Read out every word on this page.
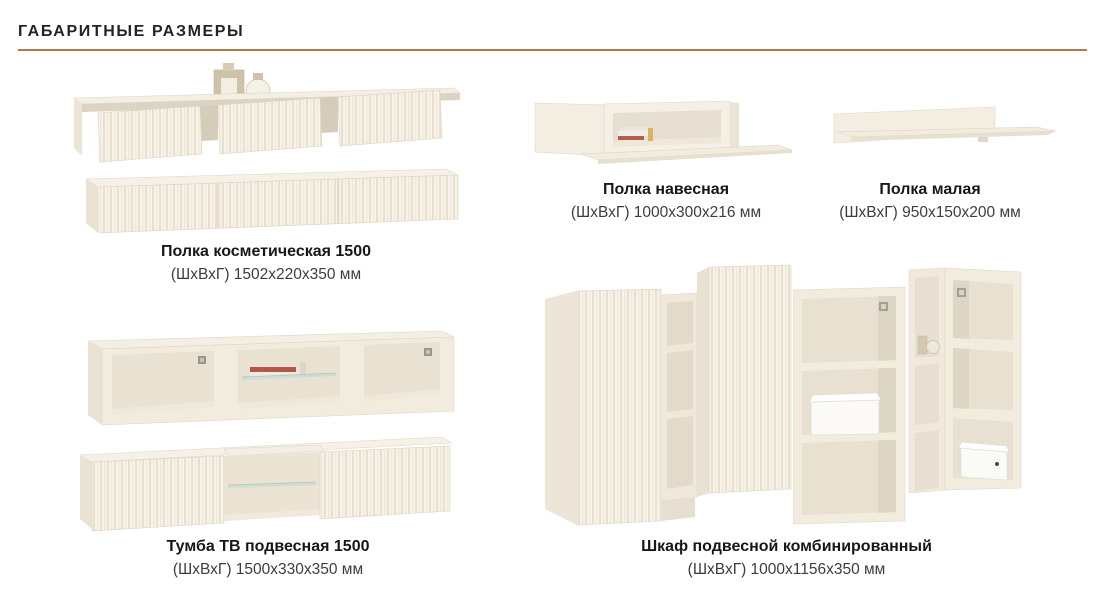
ГАБАРИТНЫЕ РАЗМЕРЫ
Полка косметическая 1500
(ШхВхГ) 1502х220х350 мм
Полка навесная
(ШхВхГ) 1000х300х216 мм
Полка малая
(ШхВхГ) 950х150х200 мм
Тумба ТВ подвесная 1500
(ШхВхГ) 1500х330х350 мм
Шкаф подвесной комбинированный
(ШхВхГ) 1000х1156х350 мм
